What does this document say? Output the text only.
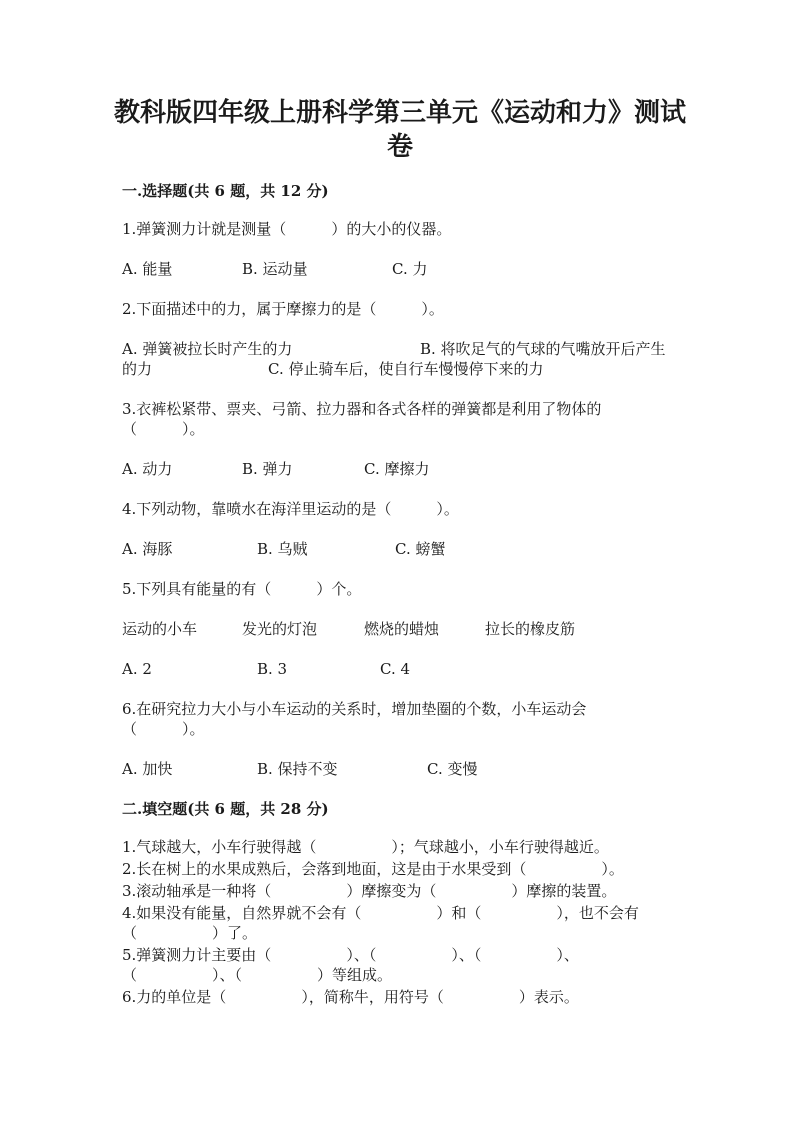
教科版四年级上册科学第三单元《运动和力》测试
卷
一.选择题(共 6 题，共 12 分)
1.弹簧测力计就是测量（　　　）的大小的仪器。
A. 能量	B. 运动量	C. 力
2.下面描述中的力，属于摩擦力的是（　　　）。
A. 弹簧被拉长时产生的力	B. 将吹足气的气球的气嘴放开后产生
的力	C. 停止骑车后，使自行车慢慢停下来的力
3.衣裤松紧带、票夹、弓箭、拉力器和各式各样的弹簧都是利用了物体的
（　　　）。
A. 动力	B. 弹力	C. 摩擦力
4.下列动物，靠喷水在海洋里运动的是（　　　）。
A. 海豚	B. 乌贼	C. 螃蟹
5.下列具有能量的有（　　　）个。
运动的小车	发光的灯泡	燃烧的蜡烛	拉长的橡皮筋
A. 2	B. 3	C. 4
6.在研究拉力大小与小车运动的关系时，增加垫圈的个数，小车运动会
（　　　）。
A. 加快	B. 保持不变	C. 变慢
二.填空题(共 6 题，共 28 分)
1.气球越大，小车行驶得越（　　　　　）；气球越小，小车行驶得越近。
2.长在树上的水果成熟后，会落到地面，这是由于水果受到（　　　　　）。
3.滚动轴承是一种将（　　　　　）摩擦变为（　　　　　）摩擦的装置。
4.如果没有能量，自然界就不会有（　　　　　）和（　　　　　），也不会有
（　　　　　）了。
5.弹簧测力计主要由（　　　　　）、（　　　　　）、（　　　　　）、
（　　　　　）、（　　　　　）等组成。
6.力的单位是（　　　　　），简称牛，用符号（　　　　　）表示。
